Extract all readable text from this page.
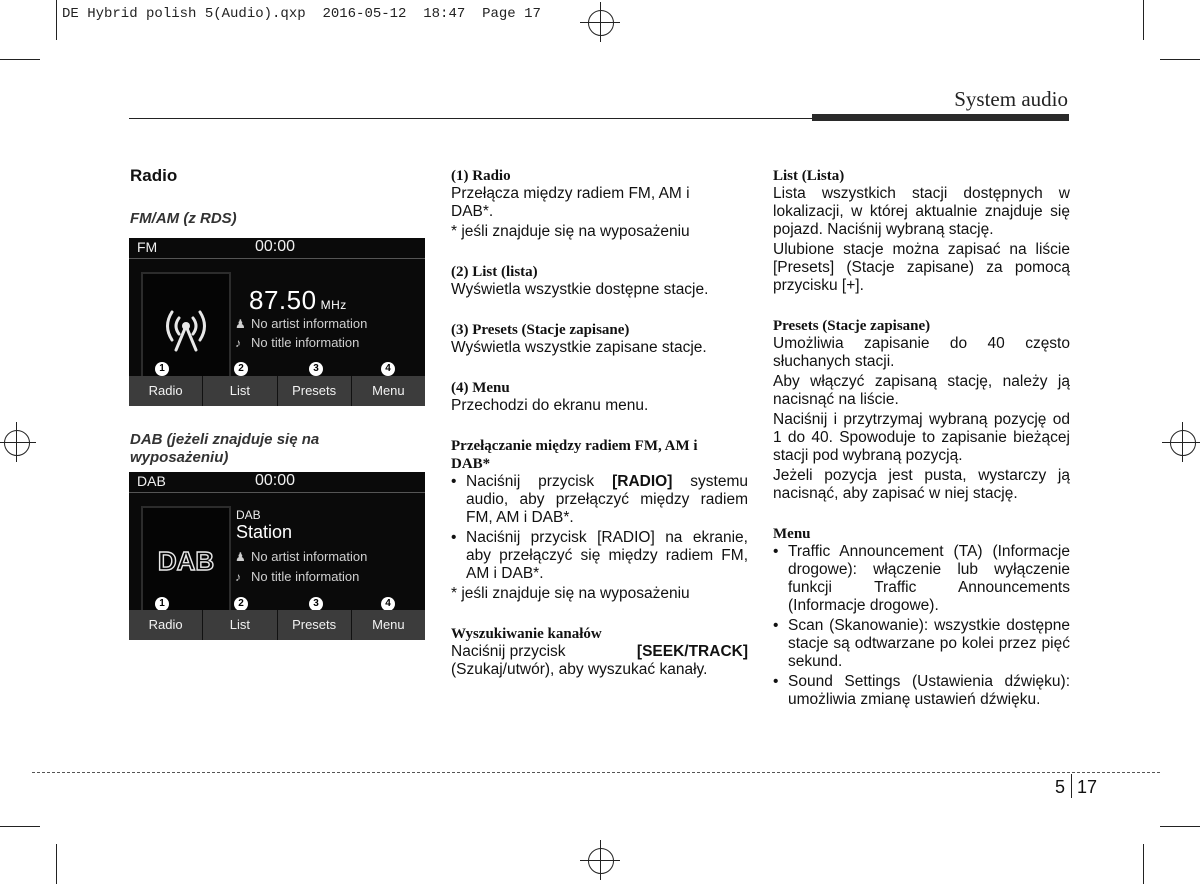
DE Hybrid polish 5(Audio).qxp  2016-05-12  18:47  Page 17
System audio
Radio
FM/AM (z RDS)
FM	00:00
87.50 MHz
♟ No artist information
♪ No title information
1	2	3	4
Radio	List	Presets	Menu
DAB (jeżeli znajduje się na
wyposażeniu)
DAB	00:00
DAB
DAB
Station
♟ No artist information
♪ No title information
1	2	3	4
Radio	List	Presets	Menu
(1) Radio

Przełącza między radiem FM, AM i

DAB*.

* jeśli znajduje się na wyposażeniu

(2) List (lista)

Wyświetla wszystkie dostępne stacje.

(3) Presets (Stacje zapisane)

Wyświetla wszystkie zapisane stacje.

(4) Menu

Przechodzi do ekranu menu.

Przełączanie między radiem FM, AM i
DAB*
• Naciśnij przycisk [RADIO] systemu audio, aby przełączyć między radiem FM, AM i DAB*.
• Naciśnij przycisk [RADIO] na ekranie, aby przełączyć się między radiem FM, AM i DAB*.

* jeśli znajduje się na wyposażeniu

Wyszukiwanie kanałów

Naciśnij przycisk	[SEEK/TRACK]

(Szukaj/utwór), aby wyszukać kanały.

List (Lista)

Lista wszystkich stacji dostępnych w lokalizacji, w której aktualnie znajduje się pojazd. Naciśnij wybraną stację.

Ulubione stacje można zapisać na liście [Presets] (Stacje zapisane) za pomocą przycisku [+].

Presets (Stacje zapisane)

Umożliwia zapisanie do 40 często słuchanych stacji.

Aby włączyć zapisaną stację, należy ją nacisnąć na liście.

Naciśnij i przytrzymaj wybraną pozycję od 1 do 40. Spowoduje to zapisanie bieżącej stacji pod wybraną pozycją.

Jeżeli pozycja jest pusta, wystarczy ją nacisnąć, aby zapisać w niej stację.

Menu
• Traffic Announcement (TA) (Informacje drogowe): włączenie lub wyłączenie funkcji Traffic Announcements (Informacje drogowe).
• Scan (Skanowanie): wszystkie dostępne stacje są odtwarzane po kolei przez pięć sekund.
• Sound Settings (Ustawienia dźwięku): umożliwia zmianę ustawień dźwięku.
5 17
